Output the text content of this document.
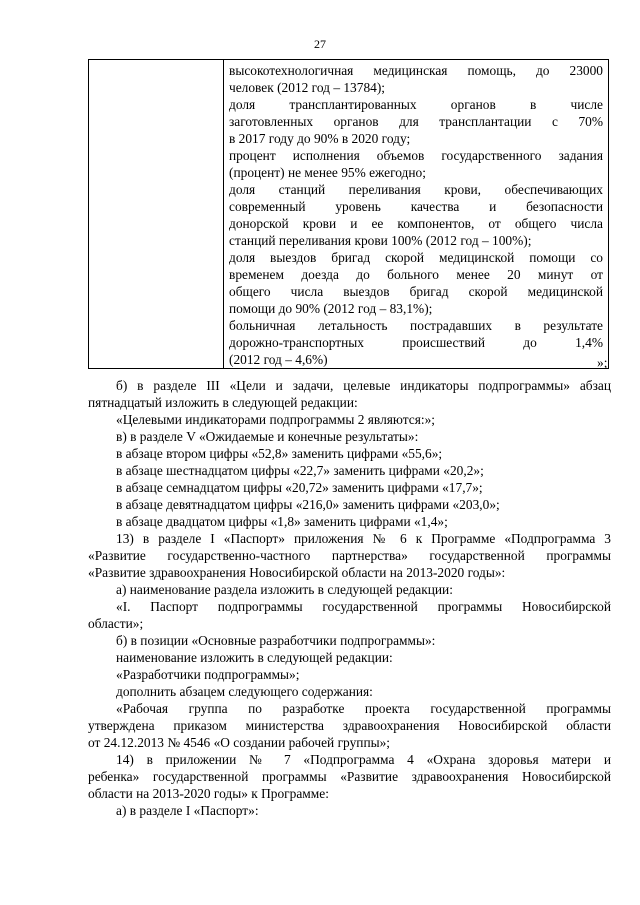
27

высокотехнологичная медицинская помощь, до 23000
человек (2012 год – 13784);
доля трансплантированных органов в числе
заготовленных органов для трансплантации с 70%
в 2017 году до 90% в 2020 году;
процент исполнения объемов государственного задания
(процент) не менее 95% ежегодно;
доля станций переливания крови, обеспечивающих
современный уровень качества и безопасности
донорской крови и ее компонентов, от общего числа
станций переливания крови 100% (2012 год – 100%);
доля выездов бригад скорой медицинской помощи со
временем доезда до больного менее 20 минут от
общего числа выездов бригад скорой медицинской
помощи до 90% (2012 год – 83,1%);
больничная летальность пострадавших в результате
дорожно-транспортных происшествий до 1,4%
(2012 год – 4,6%)	»;

б) в разделе III «Цели и задачи, целевые индикаторы подпрограммы» абзац

пятнадцатый изложить в следующей редакции:

«Целевыми индикаторами подпрограммы 2 являются:»;

в) в разделе V «Ожидаемые и конечные результаты»:

в абзаце втором цифры «52,8» заменить цифрами «55,6»;

в абзаце шестнадцатом цифры «22,7» заменить цифрами «20,2»;

в абзаце семнадцатом цифры «20,72» заменить цифрами «17,7»;

в абзаце девятнадцатом цифры «216,0» заменить цифрами «203,0»;

в абзаце двадцатом цифры «1,8» заменить цифрами «1,4»;

13) в разделе I «Паспорт» приложения № 6 к Программе «Подпрограмма 3

«Развитие государственно-частного партнерства» государственной программы

«Развитие здравоохранения Новосибирской области на 2013-2020 годы»:

а) наименование раздела изложить в следующей редакции:

«I. Паспорт подпрограммы государственной программы Новосибирской

области»;

б) в позиции «Основные разработчики подпрограммы»:

наименование изложить в следующей редакции:

«Разработчики подпрограммы»;

дополнить абзацем следующего содержания:

«Рабочая группа по разработке проекта государственной программы

утверждена приказом министерства здравоохранения Новосибирской области

от 24.12.2013 № 4546 «О создании рабочей группы»;

14) в приложении № 7 «Подпрограмма 4 «Охрана здоровья матери и

ребенка» государственной программы «Развитие здравоохранения Новосибирской

области на 2013-2020 годы» к Программе:

а) в разделе I «Паспорт»:
